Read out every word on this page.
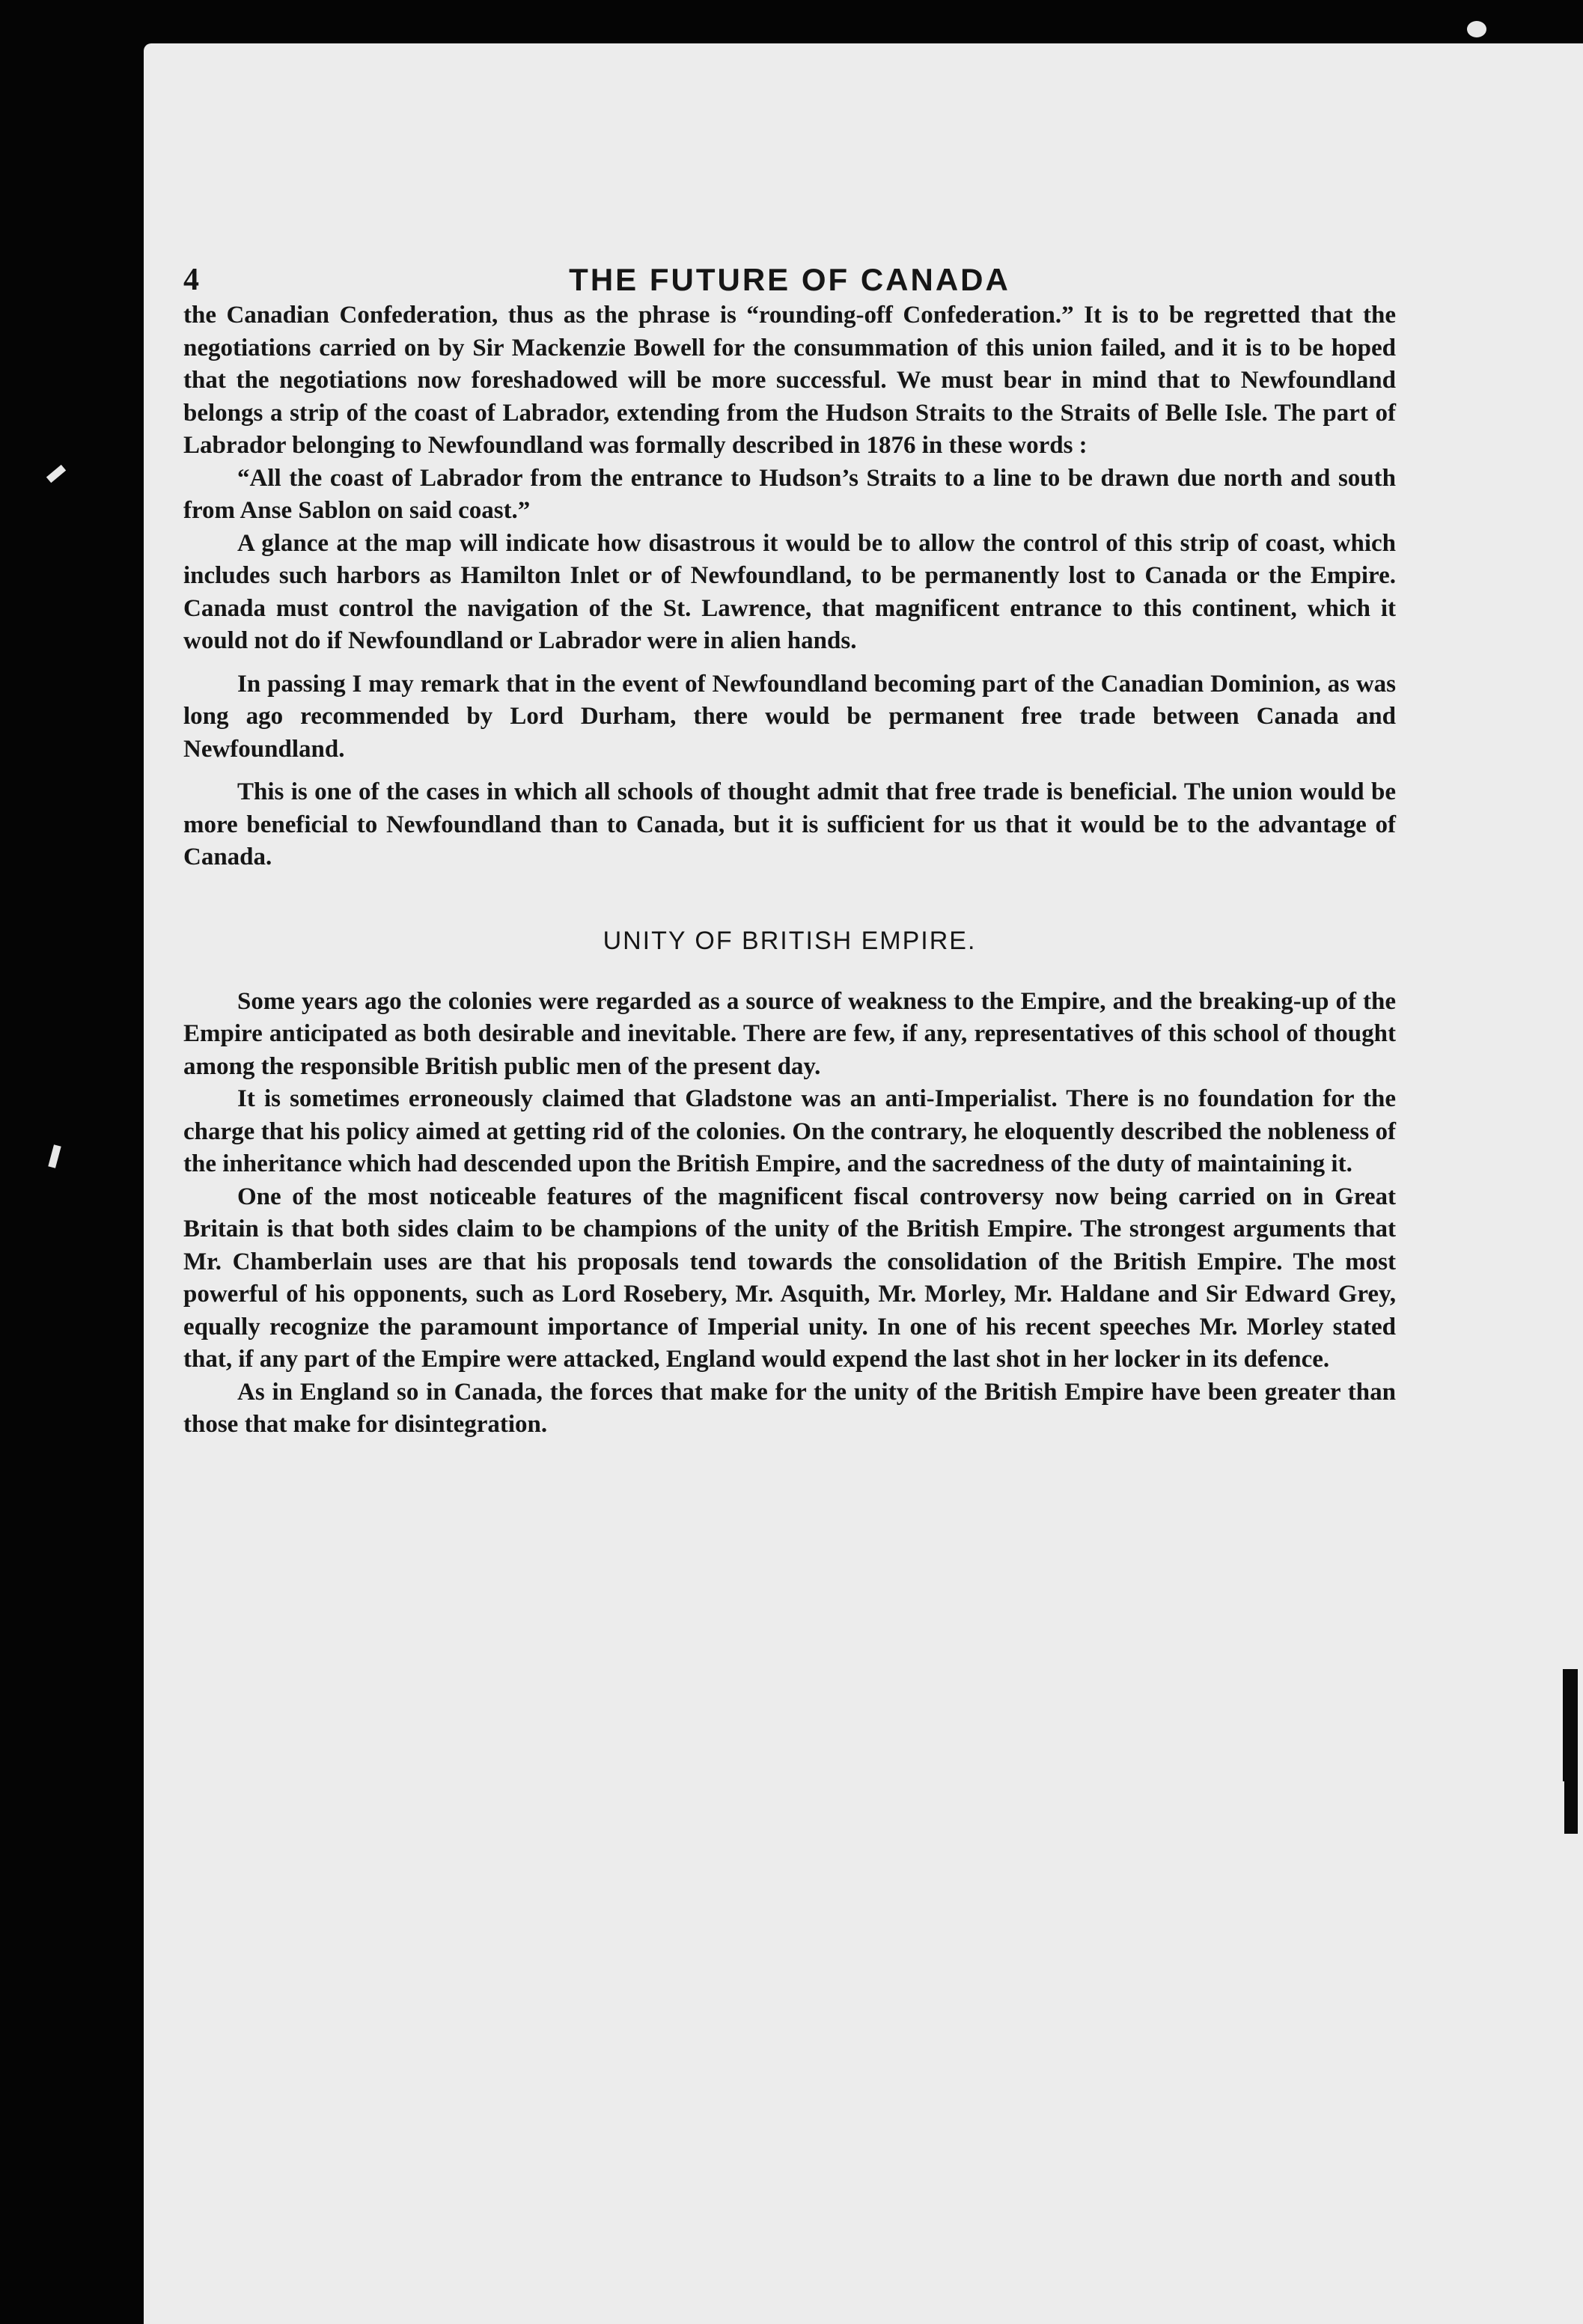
4	THE FUTURE OF CANADA

the Canadian Confederation, thus as the phrase is “rounding-off Confederation.” It is to be regretted that the negotiations carried on by Sir Mackenzie Bowell for the consummation of this union failed, and it is to be hoped that the negotiations now foreshadowed will be more successful. We must bear in mind that to Newfoundland belongs a strip of the coast of Labrador, extending from the Hudson Straits to the Straits of Belle Isle. The part of Labrador belonging to Newfoundland was formally described in 1876 in these words :

“All the coast of Labrador from the entrance to Hudson’s Straits to a line to be drawn due north and south from Anse Sablon on said coast.”

A glance at the map will indicate how disastrous it would be to allow the control of this strip of coast, which includes such harbors as Hamilton Inlet or of Newfoundland, to be permanently lost to Canada or the Empire. Canada must control the navigation of the St. Lawrence, that magnificent entrance to this continent, which it would not do if Newfoundland or Labrador were in alien hands.

In passing I may remark that in the event of Newfoundland becoming part of the Canadian Dominion, as was long ago recommended by Lord Durham, there would be permanent free trade between Canada and Newfoundland.

This is one of the cases in which all schools of thought admit that free trade is beneficial. The union would be more beneficial to Newfoundland than to Canada, but it is sufficient for us that it would be to the advantage of Canada.

UNITY OF BRITISH EMPIRE.

Some years ago the colonies were regarded as a source of weakness to the Empire, and the breaking-up of the Empire anticipated as both desirable and inevitable. There are few, if any, representatives of this school of thought among the responsible British public men of the present day.

It is sometimes erroneously claimed that Gladstone was an anti-Imperialist. There is no foundation for the charge that his policy aimed at getting rid of the colonies. On the contrary, he eloquently described the nobleness of the inheritance which had descended upon the British Empire, and the sacredness of the duty of maintaining it.

One of the most noticeable features of the magnificent fiscal controversy now being carried on in Great Britain is that both sides claim to be champions of the unity of the British Empire. The strongest arguments that Mr. Chamberlain uses are that his proposals tend towards the consolidation of the British Empire. The most powerful of his opponents, such as Lord Rosebery, Mr. Asquith, Mr. Morley, Mr. Haldane and Sir Edward Grey, equally recognize the paramount importance of Imperial unity. In one of his recent speeches Mr. Morley stated that, if any part of the Empire were attacked, England would expend the last shot in her locker in its defence.

As in England so in Canada, the forces that make for the unity of the British Empire have been greater than those that make for disintegration.
